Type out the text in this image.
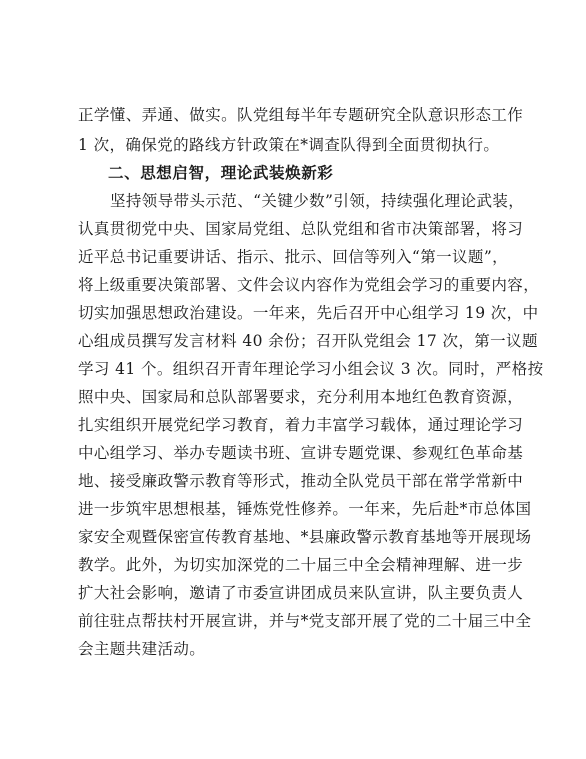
正学懂、弄通、做实。队党组每半年专题研究全队意识形态工作
1 次，确保党的路线方针政策在*调查队得到全面贯彻执行。
二、思想启智，理论武装焕新彩
坚持领导带头示范、“关键少数”引领，持续强化理论武装，
认真贯彻党中央、国家局党组、总队党组和省市决策部署，将习
近平总书记重要讲话、指示、批示、回信等列入“第一议题”，
将上级重要决策部署、文件会议内容作为党组会学习的重要内容，
切实加强思想政治建设。一年来，先后召开中心组学习 19 次，中
心组成员撰写发言材料 40 余份；召开队党组会 17 次，第一议题
学习 41 个。组织召开青年理论学习小组会议 3 次。同时，严格按
照中央、国家局和总队部署要求，充分利用本地红色教育资源，
扎实组织开展党纪学习教育，着力丰富学习载体，通过理论学习
中心组学习、举办专题读书班、宣讲专题党课、参观红色革命基
地、接受廉政警示教育等形式，推动全队党员干部在常学常新中
进一步筑牢思想根基，锤炼党性修养。一年来，先后赴*市总体国
家安全观暨保密宣传教育基地、*县廉政警示教育基地等开展现场
教学。此外，为切实加深党的二十届三中全会精神理解、进一步
扩大社会影响，邀请了市委宣讲团成员来队宣讲，队主要负责人
前往驻点帮扶村开展宣讲，并与*党支部开展了党的二十届三中全
会主题共建活动。
